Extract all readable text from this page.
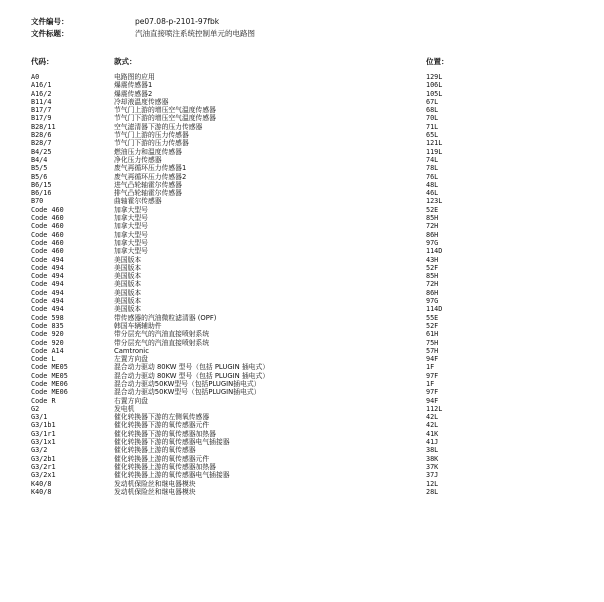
文件编号：	pe07.08-p-2101-97fbk
文件标题：	汽油直接喷注系统控制单元的电路图
代码：	款式：	位置：
A0	电路图的应用	129L
A16/1	爆震传感器1	106L
A16/2	爆震传感器2	105L
B11/4	冷却液温度传感器	67L
B17/7	节气门上游的增压空气温度传感器	68L
B17/9	节气门下游的增压空气温度传感器	70L
B28/11	空气滤清器下游的压力传感器	71L
B28/6	节气门上游的压力传感器	65L
B28/7	节气门下游的压力传感器	121L
B4/25	燃油压力和温度传感器	119L
B4/4	净化压力传感器	74L
B5/5	废气再循环压力传感器1	78L
B5/6	废气再循环压力传感器2	76L
B6/15	进气凸轮轴霍尔传感器	48L
B6/16	排气凸轮轴霍尔传感器	46L
B70	曲轴霍尔传感器	123L
Code 460	加拿大型号	52E
Code 460	加拿大型号	85H
Code 460	加拿大型号	72H
Code 460	加拿大型号	86H
Code 460	加拿大型号	97G
Code 460	加拿大型号	114D
Code 494	美国版本	43H
Code 494	美国版本	52F
Code 494	美国版本	85H
Code 494	美国版本	72H
Code 494	美国版本	86H
Code 494	美国版本	97G
Code 494	美国版本	114D
Code 598	带传感器的汽油微粒滤清器 (OPF)	55E
Code 835	韩国车辆辅助件	52F
Code 920	带分层充气的汽油直接喷射系统	61H
Code 920	带分层充气的汽油直接喷射系统	75H
Code A14	Camtronic	57H
Code L	左置方向盘	94F
Code ME05	混合动力驱动 80KW 型号（包括 PLUGIN 插电式）	1F
Code ME05	混合动力驱动 80KW 型号（包括 PLUGIN 插电式）	97F
Code ME06	混合动力驱动50KW型号（包括PLUGIN插电式）	1F
Code ME06	混合动力驱动50KW型号（包括PLUGIN插电式）	97F
Code R	右置方向盘	94F
G2	发电机	112L
G3/1	催化转换器下游的左侧氧传感器	42L
G3/1b1	催化转换器下游的氧传感器元件	42L
G3/1r1	催化转换器下游的氧传感器加热器	41K
G3/1x1	催化转换器下游的氧传感器电气插接器	41J
G3/2	催化转换器上游的氧传感器	38L
G3/2b1	催化转换器上游的氧传感器元件	38K
G3/2r1	催化转换器上游的氧传感器加热器	37K
G3/2x1	催化转换器上游的氧传感器电气插接器	37J
K40/8	发动机保险丝和继电器模块	12L
K40/8	发动机保险丝和继电器模块	28L
